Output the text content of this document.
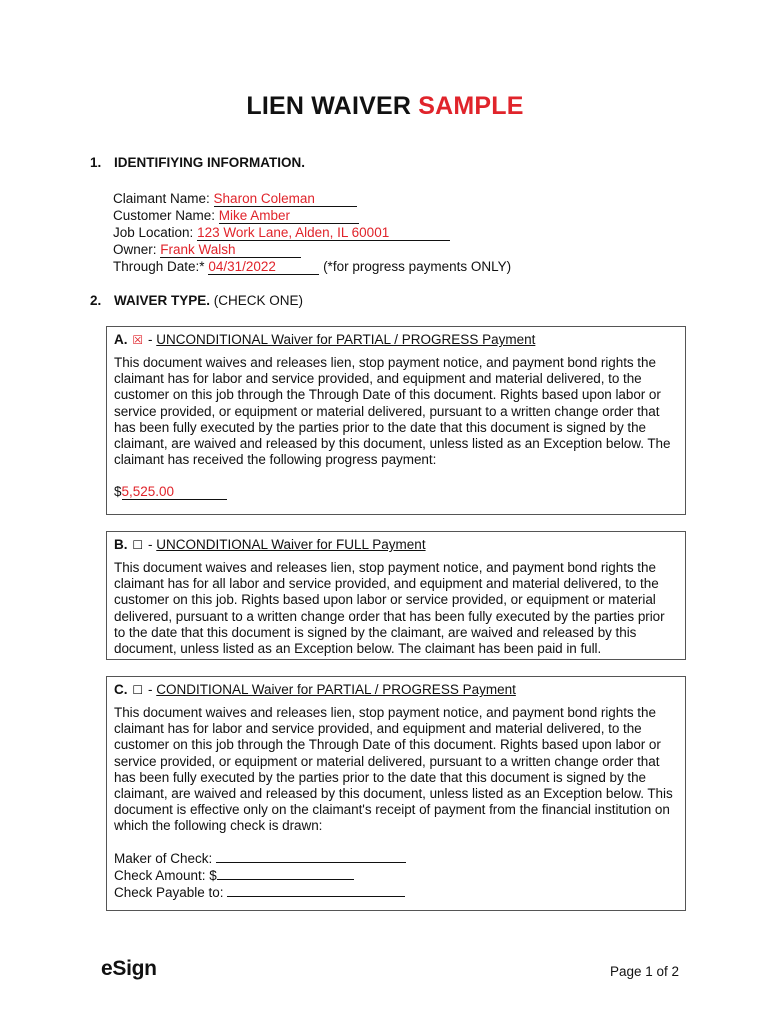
LIEN WAIVER SAMPLE
1. IDENTIFIYING INFORMATION.
Claimant Name: Sharon Coleman
Customer Name: Mike Amber
Job Location: 123 Work Lane, Alden, IL 60001
Owner: Frank Walsh
Through Date:* 04/31/2022	(*for progress payments ONLY)
2. WAIVER TYPE. (CHECK ONE)
A. ☒ - UNCONDITIONAL Waiver for PARTIAL / PROGRESS Payment
This document waives and releases lien, stop payment notice, and payment bond rights the claimant has for labor and service provided, and equipment and material delivered, to the customer on this job through the Through Date of this document. Rights based upon labor or service provided, or equipment or material delivered, pursuant to a written change order that has been fully executed by the parties prior to the date that this document is signed by the claimant, are waived and released by this document, unless listed as an Exception below. The claimant has received the following progress payment:
$5,525.00
B. ☐ - UNCONDITIONAL Waiver for FULL Payment
This document waives and releases lien, stop payment notice, and payment bond rights the claimant has for all labor and service provided, and equipment and material delivered, to the customer on this job. Rights based upon labor or service provided, or equipment or material delivered, pursuant to a written change order that has been fully executed by the parties prior to the date that this document is signed by the claimant, are waived and released by this document, unless listed as an Exception below. The claimant has been paid in full.
C. ☐ - CONDITIONAL Waiver for PARTIAL / PROGRESS Payment
This document waives and releases lien, stop payment notice, and payment bond rights the claimant has for labor and service provided, and equipment and material delivered, to the customer on this job through the Through Date of this document. Rights based upon labor or service provided, or equipment or material delivered, pursuant to a written change order that has been fully executed by the parties prior to the date that this document is signed by the claimant, are waived and released by this document, unless listed as an Exception below. This document is effective only on the claimant's receipt of payment from the financial institution on which the following check is drawn:
Maker of Check:
Check Amount: $
Check Payable to:
eSign	Page 1 of 2
